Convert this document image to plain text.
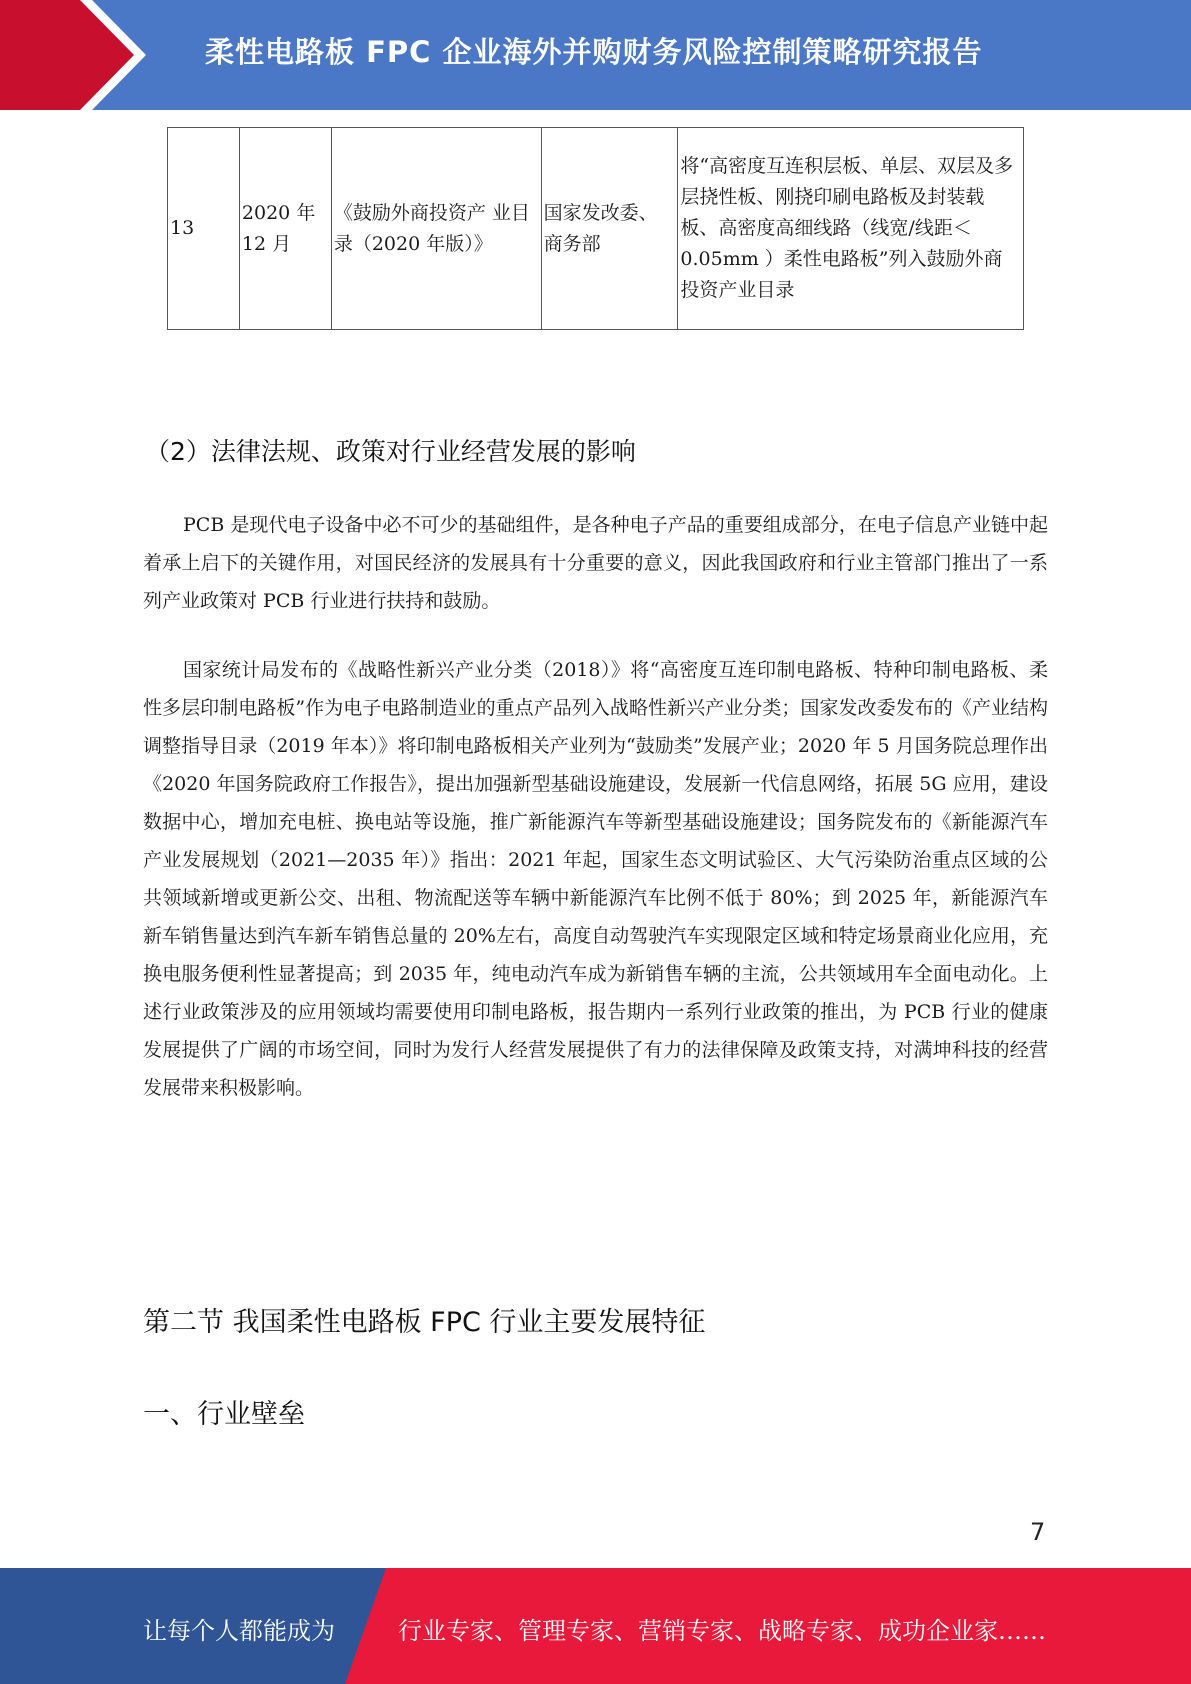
柔性电路板 FPC 企业海外并购财务风险控制策略研究报告
13	2020 年 12 月	《鼓励外商投资产 业目录（2020 年版）》	国家发改委、商务部	将“高密度互连积层板、单层、双层及多层挠性板、刚挠印刷电路板及封装载板、高密度高细线路（线宽/线距＜0.05mm ）柔性电路板”列入鼓励外商投资产业目录
（2）法律法规、政策对行业经营发展的影响

PCB 是现代电子设备中必不可少的基础组件，是各种电子产品的重要组成部分，在电子信息产业链中起着承上启下的关键作用，对国民经济的发展具有十分重要的意义，因此我国政府和行业主管部门推出了一系列产业政策对 PCB 行业进行扶持和鼓励。

国家统计局发布的《战略性新兴产业分类（2018）》将“高密度互连印制电路板、特种印制电路板、柔性多层印制电路板”作为电子电路制造业的重点产品列入战略性新兴产业分类；国家发改委发布的《产业结构调整指导目录（2019 年本）》将印制电路板相关产业列为“鼓励类”发展产业；2020 年 5 月国务院总理作出《2020 年国务院政府工作报告》，提出加强新型基础设施建设，发展新一代信息网络，拓展 5G 应用，建设数据中心，增加充电桩、换电站等设施，推广新能源汽车等新型基础设施建设；国务院发布的《新能源汽车产业发展规划（2021—2035 年）》指出：2021 年起，国家生态文明试验区、大气污染防治重点区域的公共领域新增或更新公交、出租、物流配送等车辆中新能源汽车比例不低于 80%；到 2025 年，新能源汽车新车销售量达到汽车新车销售总量的 20%左右，高度自动驾驶汽车实现限定区域和特定场景商业化应用，充换电服务便利性显著提高；到 2035 年，纯电动汽车成为新销售车辆的主流，公共领域用车全面电动化。上述行业政策涉及的应用领域均需要使用印制电路板，报告期内一系列行业政策的推出，为 PCB 行业的健康发展提供了广阔的市场空间，同时为发行人经营发展提供了有力的法律保障及政策支持，对满坤科技的经营发展带来积极影响。

第二节 我国柔性电路板 FPC 行业主要发展特征
一、行业壁垒
7
让每个人都能成为	行业专家、管理专家、营销专家、战略专家、成功企业家……
